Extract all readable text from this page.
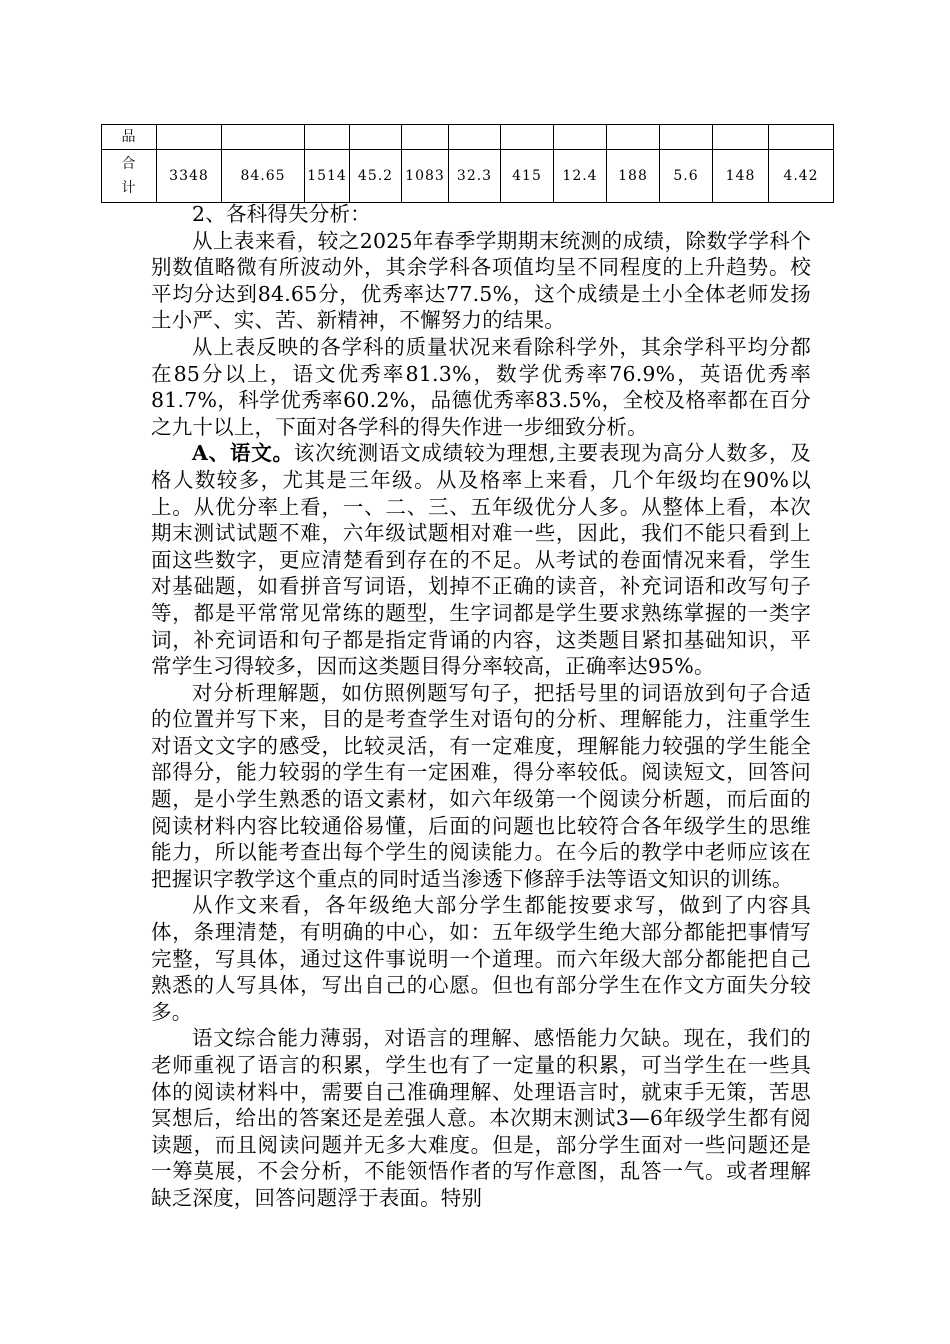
品												

合
计	3348	84.65	1514	45.2	1083	32.3	415	12.4	188	5.6	148	4.42

2、各科得失分析：

从上表来看，较之2025年春季学期期末统测的成绩，除数学学科个别数值略微有所波动外，其余学科各项值均呈不同程度的上升趋势。校平均分达到84.65分，优秀率达77.5%，这个成绩是土小全体老师发扬土小严、实、苦、新精神，不懈努力的结果。

从上表反映的各学科的质量状况来看除科学外，其余学科平均分都在85分以上，语文优秀率81.3%，数学优秀率76.9%，英语优秀率81.7%，科学优秀率60.2%，品德优秀率83.5%，全校及格率都在百分之九十以上，下面对各学科的得失作进一步细致分析。

A、语文。该次统测语文成绩较为理想,主要表现为高分人数多，及格人数较多，尤其是三年级。从及格率上来看，几个年级均在90%以上。从优分率上看，一、二、三、五年级优分人多。从整体上看，本次期末测试试题不难，六年级试题相对难一些，因此，我们不能只看到上面这些数字，更应清楚看到存在的不足。从考试的卷面情况来看，学生对基础题，如看拼音写词语，划掉不正确的读音，补充词语和改写句子等，都是平常常见常练的题型，生字词都是学生要求熟练掌握的一类字词，补充词语和句子都是指定背诵的内容，这类题目紧扣基础知识，平常学生习得较多，因而这类题目得分率较高，正确率达95%。

对分析理解题，如仿照例题写句子，把括号里的词语放到句子合适的位置并写下来，目的是考查学生对语句的分析、理解能力，注重学生对语文文字的感受，比较灵活，有一定难度，理解能力较强的学生能全部得分，能力较弱的学生有一定困难，得分率较低。阅读短文，回答问题，是小学生熟悉的语文素材，如六年级第一个阅读分析题，而后面的阅读材料内容比较通俗易懂，后面的问题也比较符合各年级学生的思维能力，所以能考查出每个学生的阅读能力。在今后的教学中老师应该在把握识字教学这个重点的同时适当渗透下修辞手法等语文知识的训练。

从作文来看，各年级绝大部分学生都能按要求写，做到了内容具体，条理清楚，有明确的中心，如：五年级学生绝大部分都能把事情写完整，写具体，通过这件事说明一个道理。而六年级大部分都能把自己熟悉的人写具体，写出自己的心愿。但也有部分学生在作文方面失分较多。

语文综合能力薄弱，对语言的理解、感悟能力欠缺。现在，我们的老师重视了语言的积累，学生也有了一定量的积累，可当学生在一些具体的阅读材料中，需要自己准确理解、处理语言时，就束手无策，苦思冥想后，给出的答案还是差强人意。本次期末测试3—6年级学生都有阅读题，而且阅读问题并无多大难度。但是，部分学生面对一些问题还是一筹莫展，不会分析，不能领悟作者的写作意图，乱答一气。或者理解缺乏深度，回答问题浮于表面。特别
